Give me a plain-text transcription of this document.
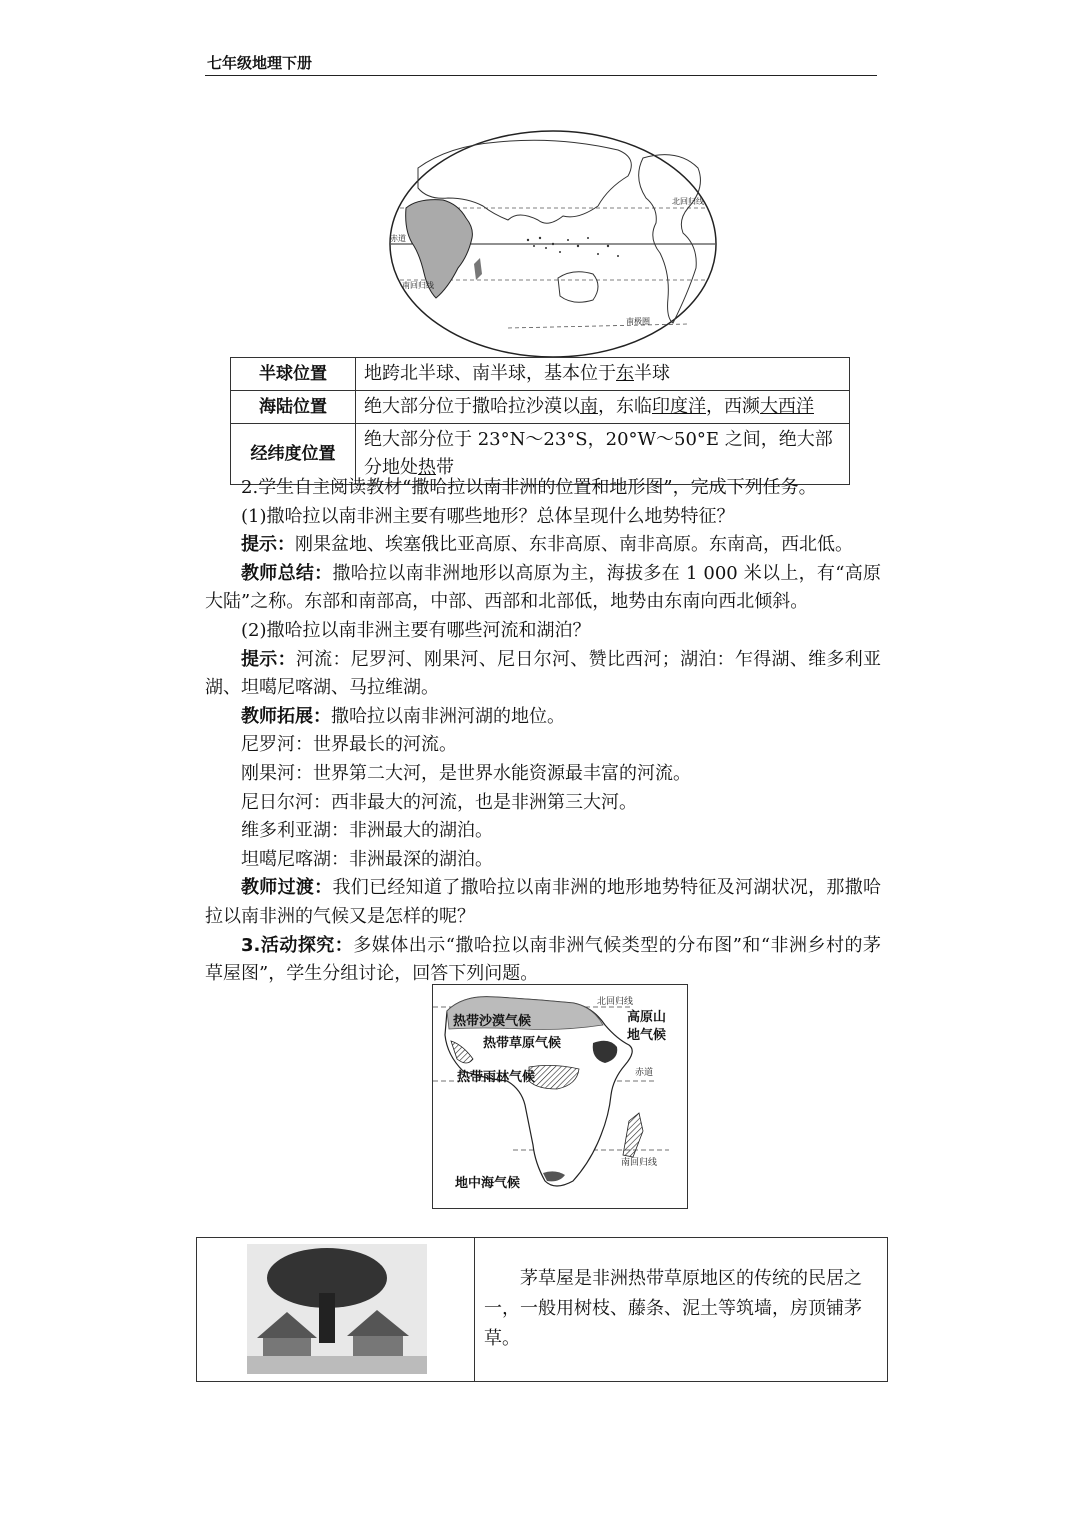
七年级地理下册
北回归线
赤道
南回归线
南极圈
半球位置	地跨北半球、南半球，基本位于东半球
海陆位置	绝大部分位于撒哈拉沙漠以南，东临印度洋，西濒大西洋
经纬度位置	绝大部分位于 23°N～23°S，20°W～50°E 之间，绝大部分地处热带

2.学生自主阅读教材“撒哈拉以南非洲的位置和地形图”，完成下列任务。

(1)撒哈拉以南非洲主要有哪些地形？总体呈现什么地势特征？

提示：刚果盆地、埃塞俄比亚高原、东非高原、南非高原。东南高，西北低。

教师总结：撒哈拉以南非洲地形以高原为主，海拔多在 1 000 米以上，有“高原大陆”之称。东部和南部高，中部、西部和北部低，地势由东南向西北倾斜。

(2)撒哈拉以南非洲主要有哪些河流和湖泊？

提示：河流：尼罗河、刚果河、尼日尔河、赞比西河；湖泊：乍得湖、维多利亚湖、坦噶尼喀湖、马拉维湖。

教师拓展：撒哈拉以南非洲河湖的地位。

尼罗河：世界最长的河流。

刚果河：世界第二大河，是世界水能资源最丰富的河流。

尼日尔河：西非最大的河流，也是非洲第三大河。

维多利亚湖：非洲最大的湖泊。

坦噶尼喀湖：非洲最深的湖泊。

教师过渡：我们已经知道了撒哈拉以南非洲的地形地势特征及河湖状况，那撒哈拉以南非洲的气候又是怎样的呢？

3.活动探究：多媒体出示“撒哈拉以南非洲气候类型的分布图”和“非洲乡村的茅草屋图”，学生分组讨论，回答下列问题。

北回归线
热带沙漠气候	高原山
地气候
热带草原气候
热带雨林气候	赤道
南回归线
地中海气候
茅草屋是非洲热带草原地区的传统的民居之一，一般用树枝、藤条、泥土等筑墙，房顶铺茅草。
